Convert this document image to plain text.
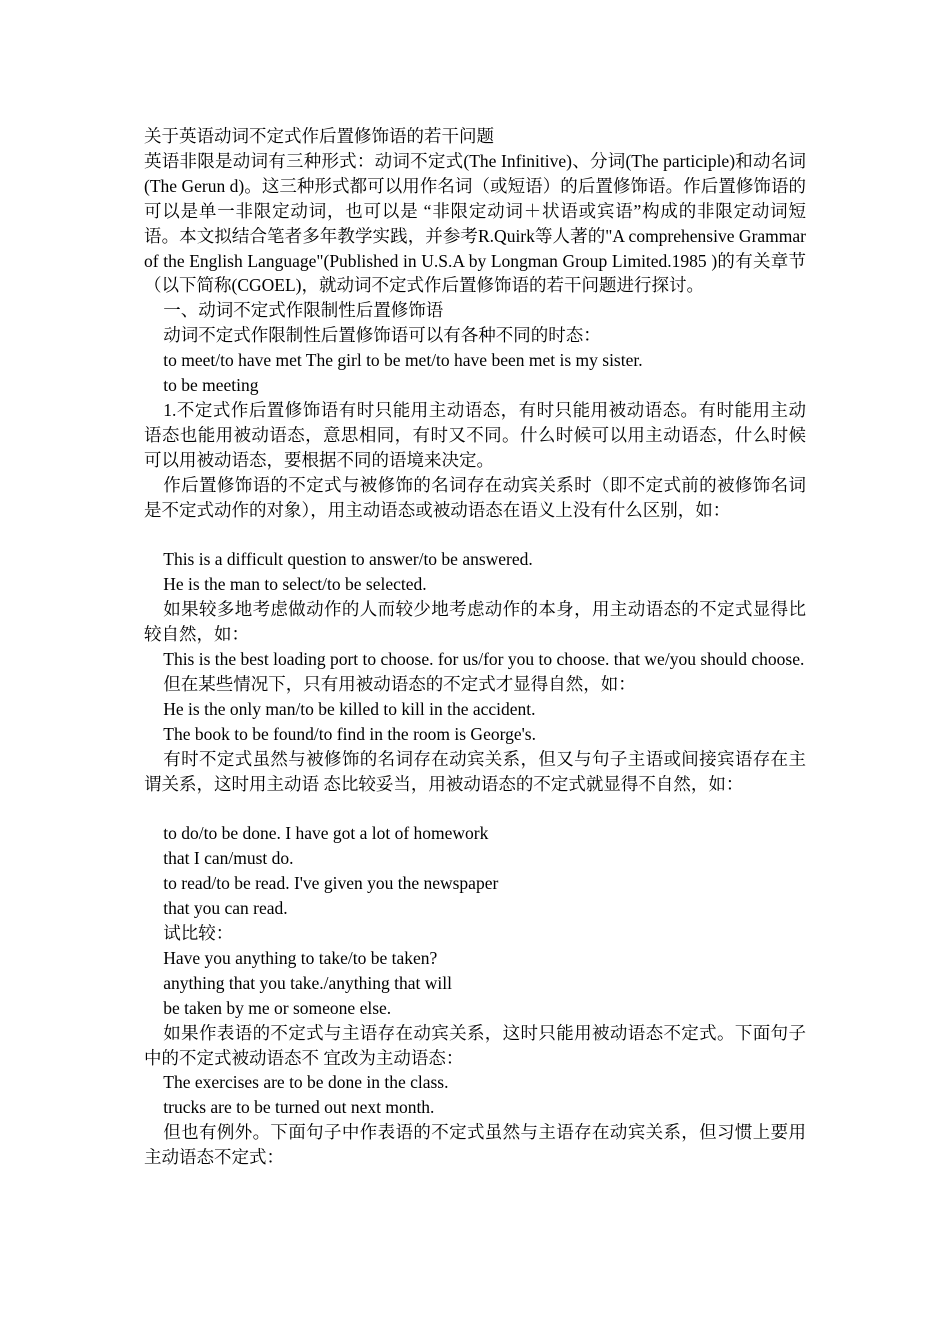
关于英语动词不定式作后置修饰语的若干问题

英语非限是动词有三种形式：动词不定式(The Infinitive)、分词(The participle)和动名词(The Gerun d)。这三种形式都可以用作名词（或短语）的后置修饰语。作后置修饰语的可以是单一非限定动词，也可以是 “非限定动词＋状语或宾语”构成的非限定动词短语。本文拟结合笔者多年教学实践，并参考R.Quirk等人著的"A comprehensive Grammar of the English Language"(Published in U.S.A by Longman Group Limited.1985 )的有关章节（以下简称(CGOEL)，就动词不定式作后置修饰语的若干问题进行探讨。

一、动词不定式作限制性后置修饰语

动词不定式作限制性后置修饰语可以有各种不同的时态：

to meet/to have met The girl to be met/to have been met is my sister.

to be meeting

1.不定式作后置修饰语有时只能用主动语态，有时只能用被动语态。有时能用主动语态也能用被动语态，意思相同，有时又不同。什么时候可以用主动语态，什么时候可以用被动语态，要根据不同的语境来决定。

作后置修饰语的不定式与被修饰的名词存在动宾关系时（即不定式前的被修饰名词是不定式动作的对象），用主动语态或被动语态在语义上没有什么区别，如：

This is a difficult question to answer/to be answered.

He is the man to select/to be selected.

如果较多地考虑做动作的人而较少地考虑动作的本身，用主动语态的不定式显得比较自然，如：

This is the best loading port to choose. for us/for you to choose. that we/you should choose.

但在某些情况下，只有用被动语态的不定式才显得自然，如：

He is the only man/to be killed to kill in the accident.

The book to be found/to find in the room is George's.

有时不定式虽然与被修饰的名词存在动宾关系，但又与句子主语或间接宾语存在主谓关系，这时用主动语 态比较妥当，用被动语态的不定式就显得不自然，如：

to do/to be done. I have got a lot of homework

that I can/must do.

to read/to be read. I've given you the newspaper

that you can read.

试比较：

Have you anything to take/to be taken?

anything that you take./anything that will

be taken by me or someone else.

如果作表语的不定式与主语存在动宾关系，这时只能用被动语态不定式。下面句子中的不定式被动语态不 宜改为主动语态：

The exercises are to be done in the class.

trucks are to be turned out next month.

但也有例外。下面句子中作表语的不定式虽然与主语存在动宾关系，但习惯上要用主动语态不定式：
